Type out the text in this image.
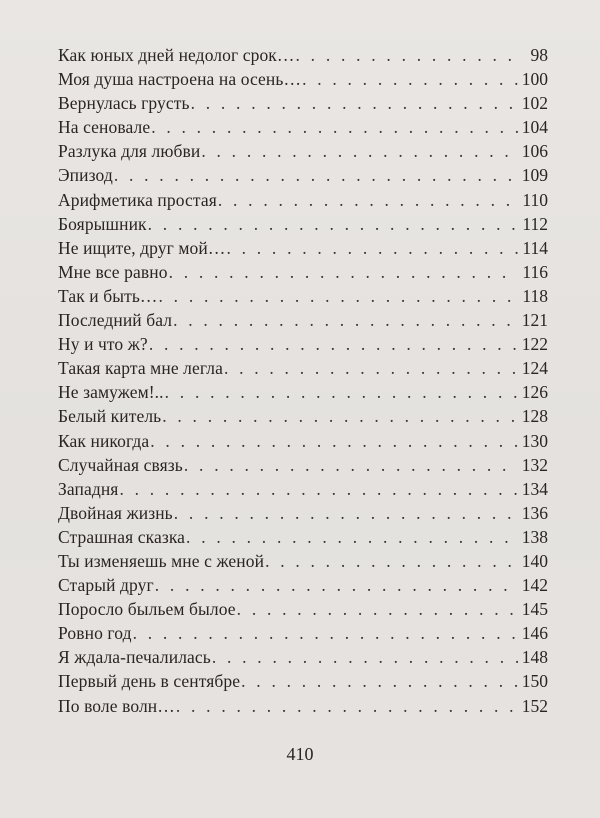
Как юных дней недолог срок… . . .	98
Моя душа настроена на осень… . . .	100
Вернулась грусть . . .	102
На сеновале . . .	104
Разлука для любви . . .	106
Эпизод . . .	109
Арифметика простая . . .	110
Боярышник . . .	112
Не ищите, друг мой… . . .	114
Мне все равно . . .	116
Так и быть… . . .	118
Последний бал . . .	121
Ну и что ж? . . .	122
Такая карта мне легла . . .	124
Не замужем!.. . . .	126
Белый китель . . .	128
Как никогда . . .	130
Случайная связь . . .	132
Западня . . .	134
Двойная жизнь . . .	136
Страшная сказка . . .	138
Ты изменяешь мне с женой . . .	140
Старый друг . . .	142
Поросло быльем былое . . .	145
Ровно год . . .	146
Я ждала-печалилась . . .	148
Первый день в сентябре . . .	150
По воле волн… . . .	152
410
